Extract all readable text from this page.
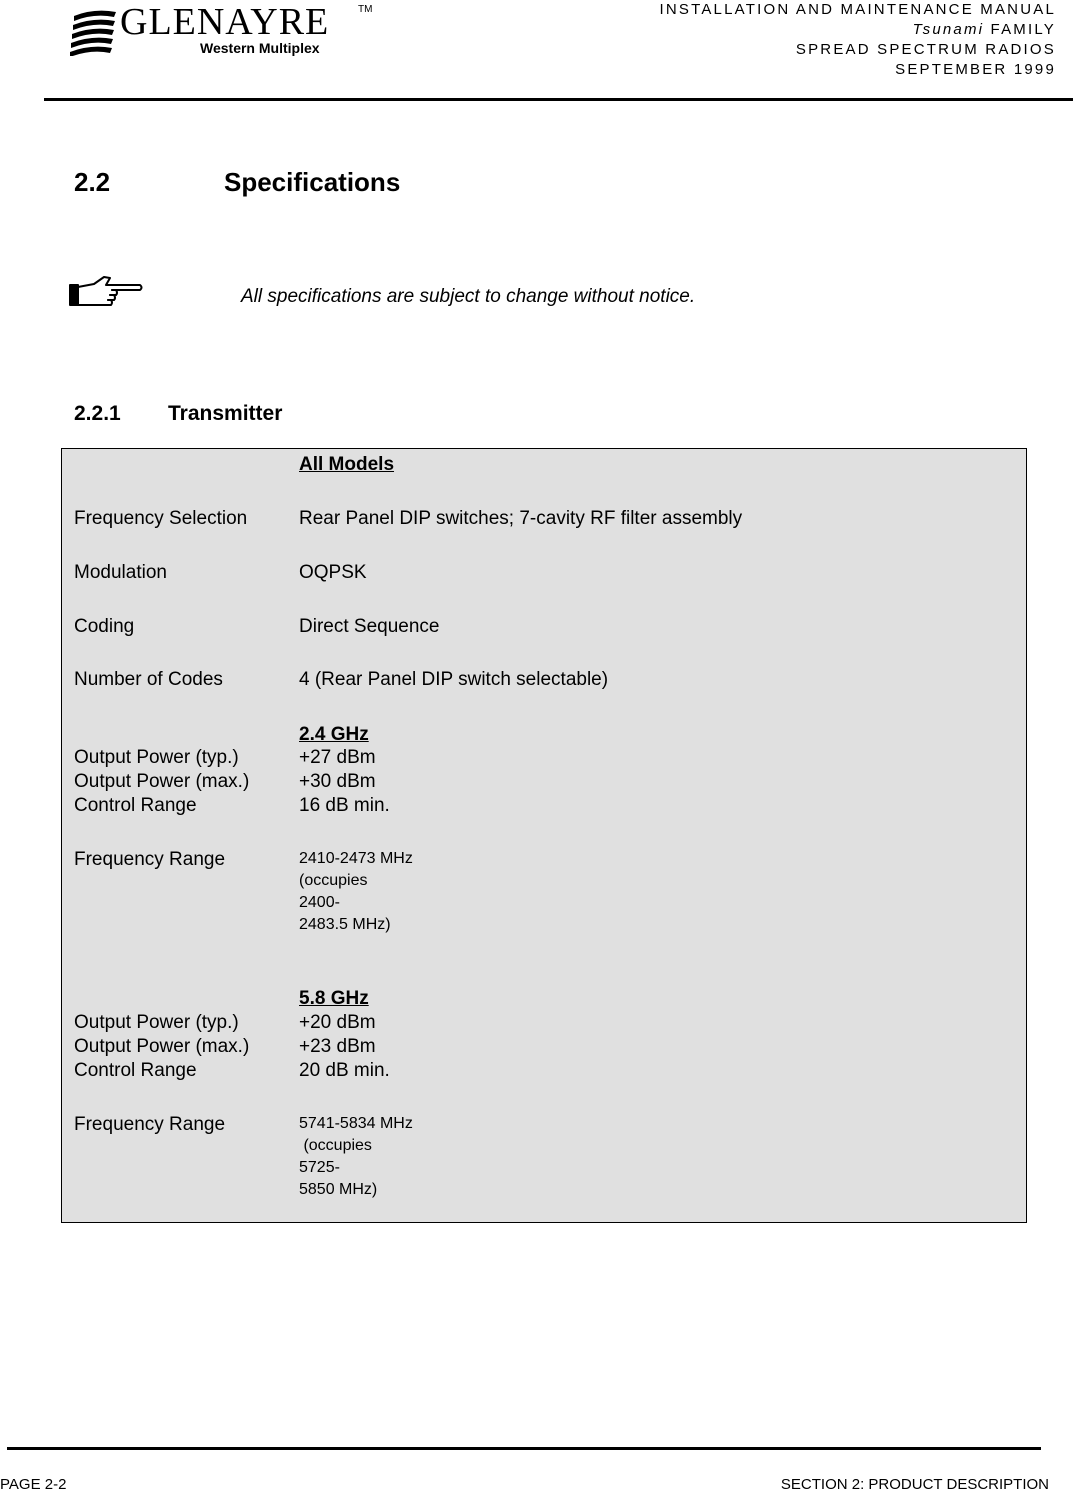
GLENAYRE	TM
Western Multiplex
INSTALLATION AND MAINTENANCE MANUAL
Tsunami FAMILY
SPREAD SPECTRUM RADIOS
SEPTEMBER 1999
2.2	Specifications
All specifications are subject to change without notice.
2.2.1 Transmitter
All Models
Frequency Selection	Rear Panel DIP switches; 7-cavity RF filter assembly
Modulation	OQPSK
Coding	Direct Sequence
Number of Codes	4 (Rear Panel DIP switch selectable)
2.4 GHz
Output Power (typ.)	+27 dBm
Output Power (max.)	+30 dBm
Control Range	16 dB min.
Frequency Range	2410-2473 MHz
(occupies
2400-
2483.5 MHz)
5.8 GHz
Output Power (typ.)	+20 dBm
Output Power (max.)	+23 dBm
Control Range	20 dB min.
Frequency Range	5741-5834 MHz
(occupies
5725-
5850 MHz)
PAGE 2-2	SECTION 2: PRODUCT DESCRIPTION
